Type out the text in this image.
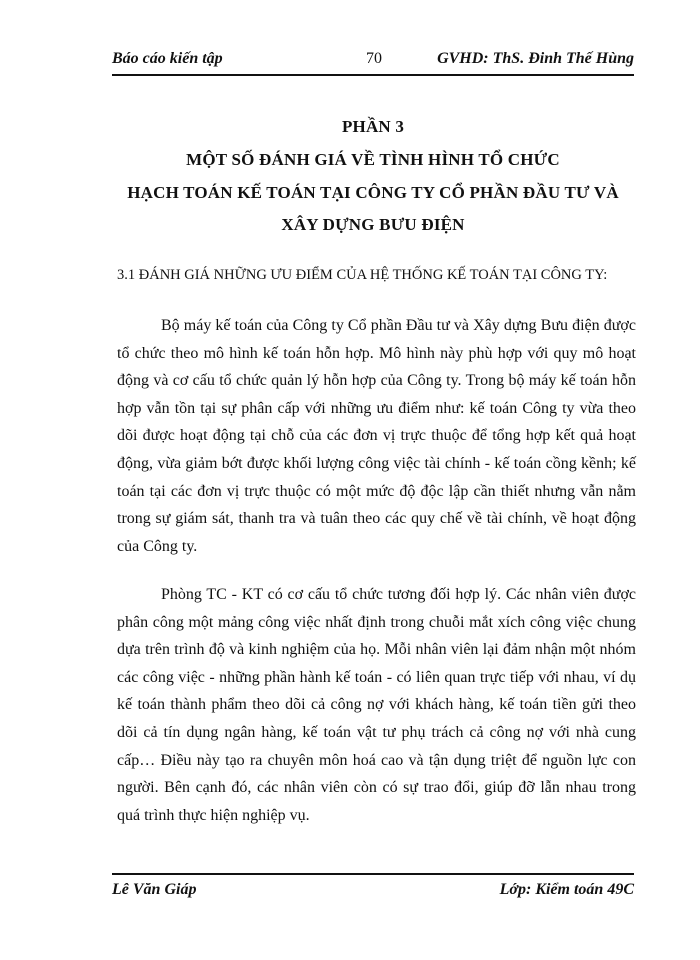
Báo cáo kiến tập	70	GVHD: ThS. Đinh Thế Hùng
PHẦN 3
MỘT SỐ ĐÁNH GIÁ VỀ TÌNH HÌNH TỔ CHỨC
HẠCH TOÁN KẾ TOÁN TẠI CÔNG TY CỔ PHẦN ĐẦU TƯ VÀ
XÂY DỰNG BƯU ĐIỆN
3.1 ĐÁNH GIÁ NHỮNG ƯU ĐIỂM CỦA HỆ THỐNG KẾ TOÁN TẠI CÔNG TY:

Bộ máy kế toán của Công ty Cổ phần Đầu tư và Xây dựng Bưu điện được tổ chức theo mô hình kế toán hỗn hợp. Mô hình này phù hợp với quy mô hoạt động và cơ cấu tổ chức quản lý hỗn hợp của Công ty. Trong bộ máy kế toán hỗn hợp vẫn tồn tại sự phân cấp với những ưu điểm như: kế toán Công ty vừa theo dõi được hoạt động tại chỗ của các đơn vị trực thuộc để tổng hợp kết quả hoạt động, vừa giảm bớt được khối lượng công việc tài chính - kế toán cồng kềnh; kế toán tại các đơn vị trực thuộc có một mức độ độc lập cần thiết nhưng vẫn nằm trong sự giám sát, thanh tra và tuân theo các quy chế về tài chính, về hoạt động của Công ty.

Phòng TC - KT có cơ cấu tổ chức tương đối hợp lý. Các nhân viên được phân công một mảng công việc nhất định trong chuỗi mắt xích công việc chung dựa trên trình độ và kinh nghiệm của họ. Mỗi nhân viên lại đảm nhận một nhóm các công việc - những phần hành kế toán - có liên quan trực tiếp với nhau, ví dụ kế toán thành phẩm theo dõi cả công nợ với khách hàng, kế toán tiền gửi theo dõi cả tín dụng ngân hàng, kế toán vật tư phụ trách cả công nợ với nhà cung cấp… Điều này tạo ra chuyên môn hoá cao và tận dụng triệt để nguồn lực con người. Bên cạnh đó, các nhân viên còn có sự trao đổi, giúp đỡ lẫn nhau trong quá trình thực hiện nghiệp vụ.

Lê Văn Giáp	Lớp: Kiểm toán 49C
